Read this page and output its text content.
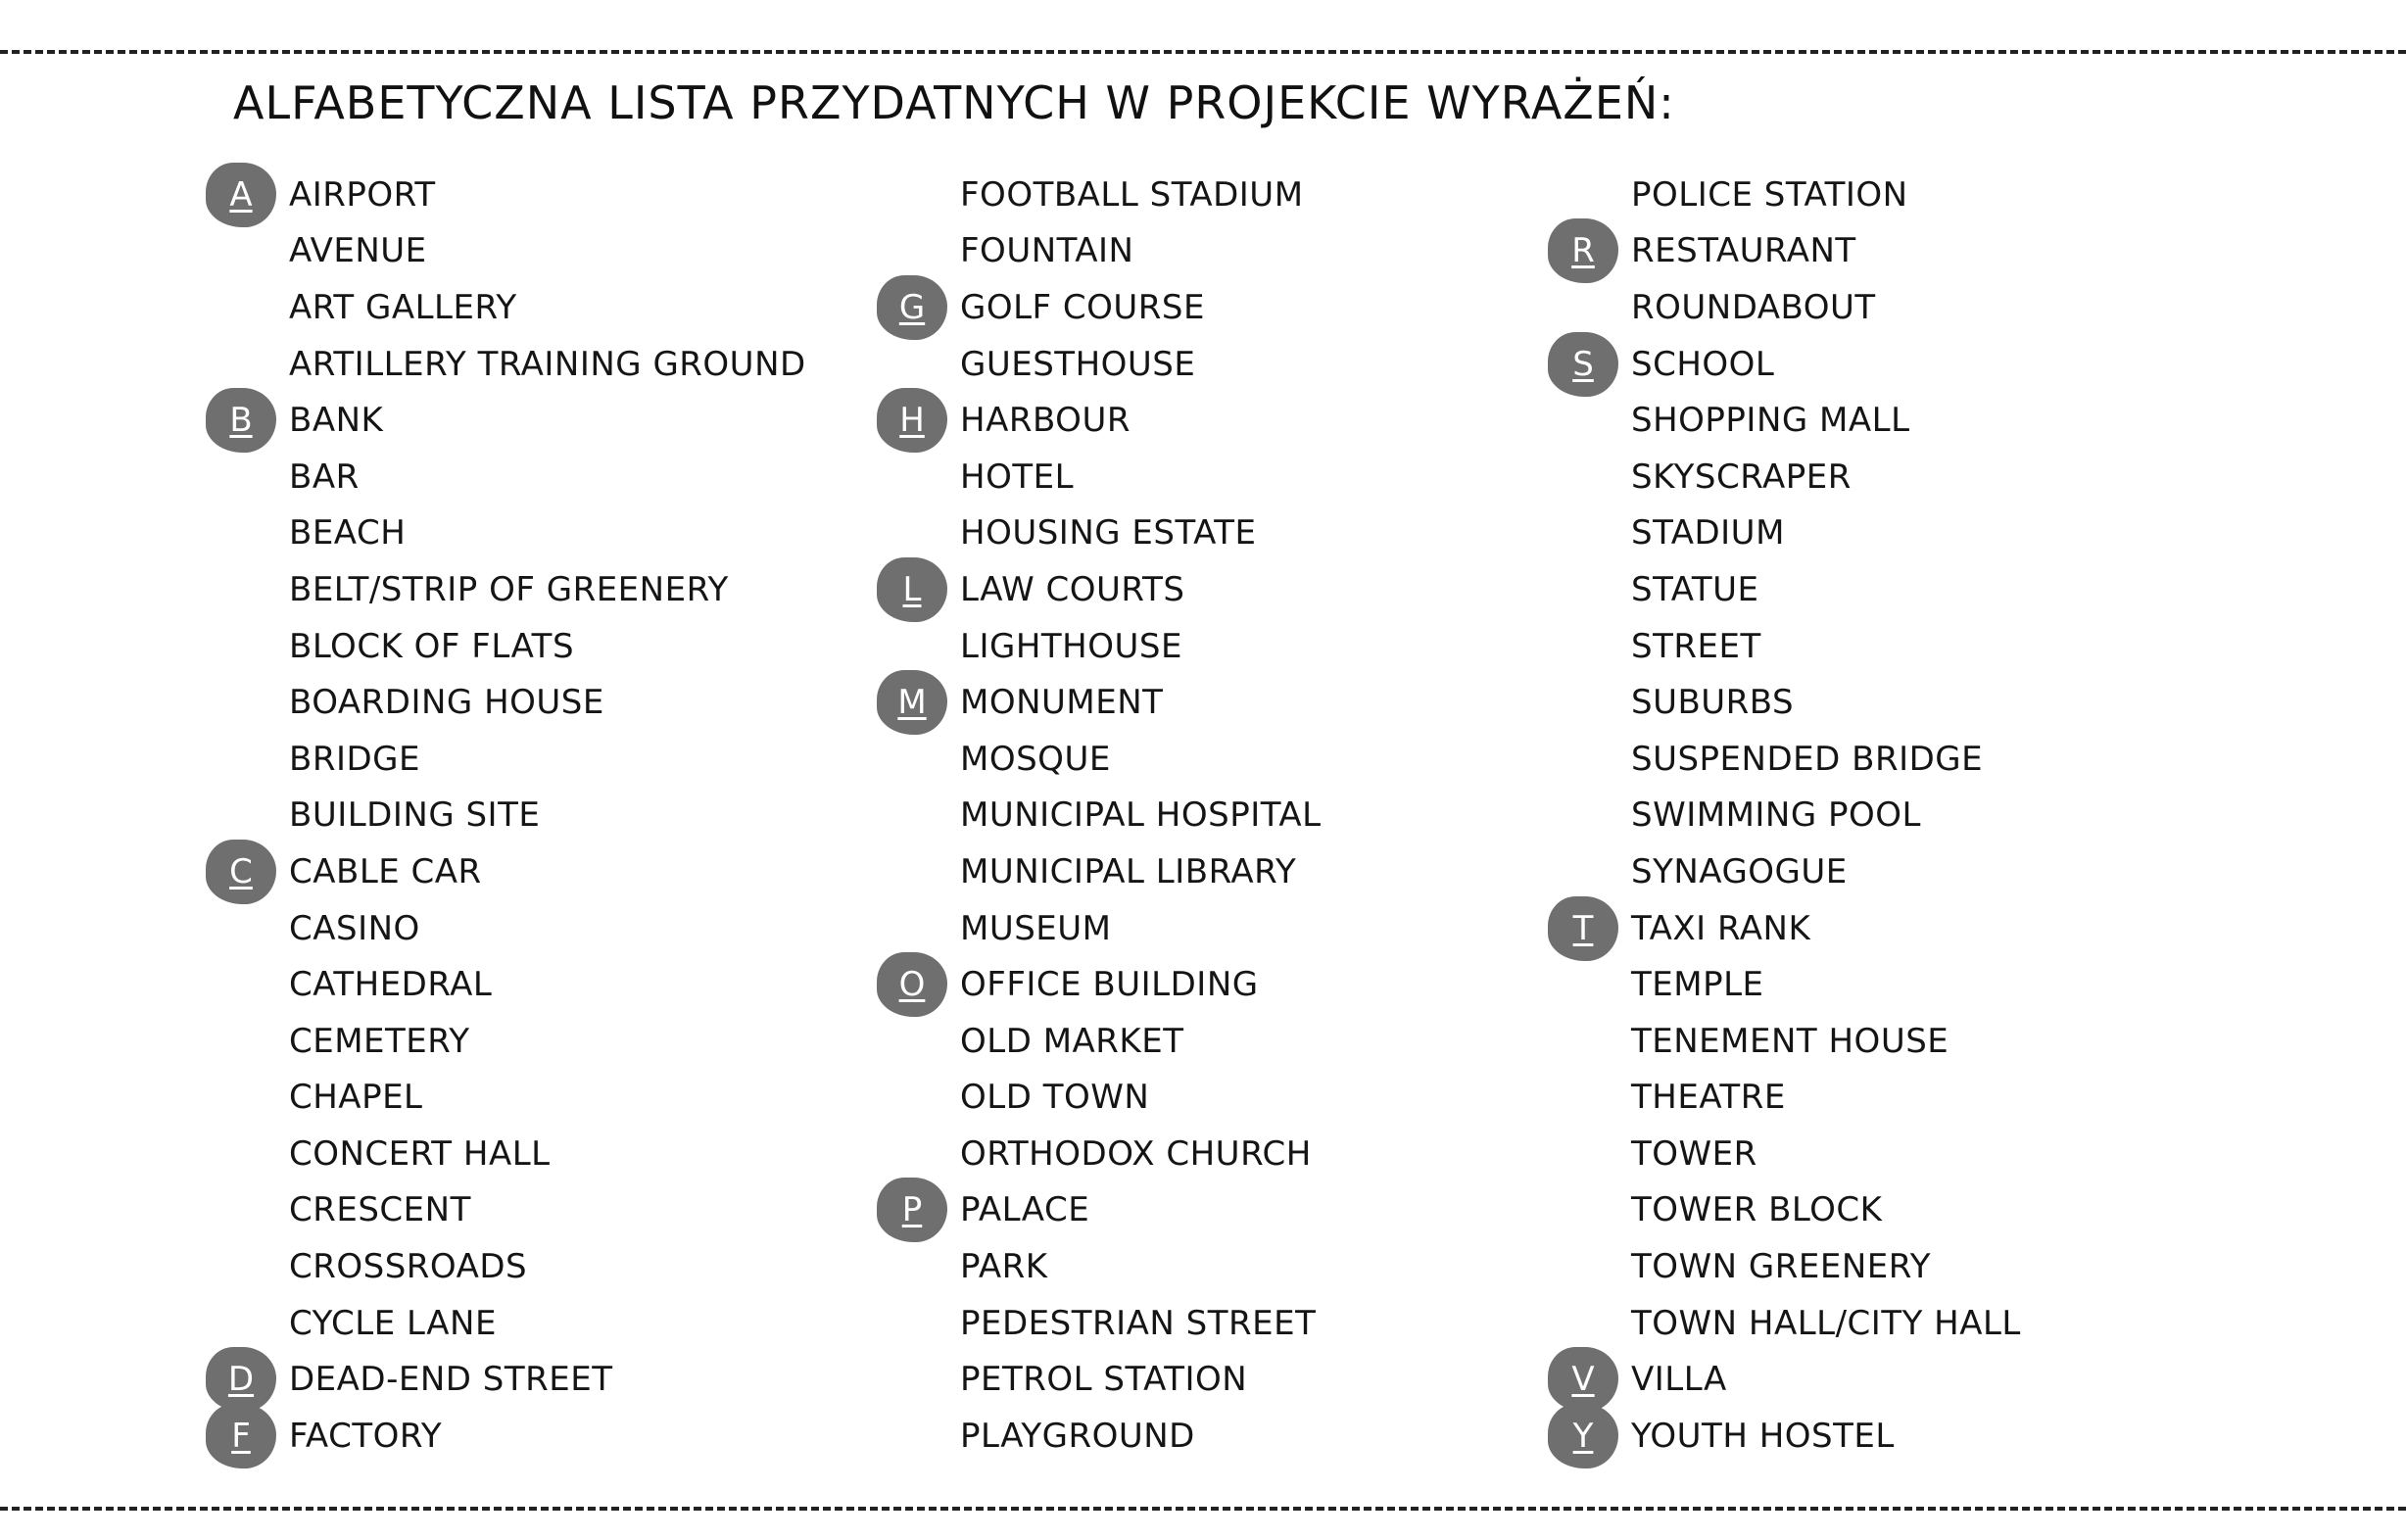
ALFABETYCZNA LISTA PRZYDATNYCH W PROJEKCIE WYRAŻEŃ:
A	AIRPORT
AVENUE
ART GALLERY
ARTILLERY TRAINING GROUND
B	BANK
BAR
BEACH
BELT/STRIP OF GREENERY
BLOCK OF FLATS
BOARDING HOUSE
BRIDGE
BUILDING SITE
C	CABLE CAR
CASINO
CATHEDRAL
CEMETERY
CHAPEL
CONCERT HALL
CRESCENT
CROSSROADS
CYCLE LANE
D	DEAD-END STREET
F	FACTORY
FOOTBALL STADIUM
FOUNTAIN
G	GOLF COURSE
GUESTHOUSE
H	HARBOUR
HOTEL
HOUSING ESTATE
L	LAW COURTS
LIGHTHOUSE
M	MONUMENT
MOSQUE
MUNICIPAL HOSPITAL
MUNICIPAL LIBRARY
MUSEUM
O	OFFICE BUILDING
OLD MARKET
OLD TOWN
ORTHODOX CHURCH
P	PALACE
PARK
PEDESTRIAN STREET
PETROL STATION
PLAYGROUND
POLICE STATION
R	RESTAURANT
ROUNDABOUT
S	SCHOOL
SHOPPING MALL
SKYSCRAPER
STADIUM
STATUE
STREET
SUBURBS
SUSPENDED BRIDGE
SWIMMING POOL
SYNAGOGUE
T	TAXI RANK
TEMPLE
TENEMENT HOUSE
THEATRE
TOWER
TOWER BLOCK
TOWN GREENERY
TOWN HALL/CITY HALL
V	VILLA
Y	YOUTH HOSTEL
